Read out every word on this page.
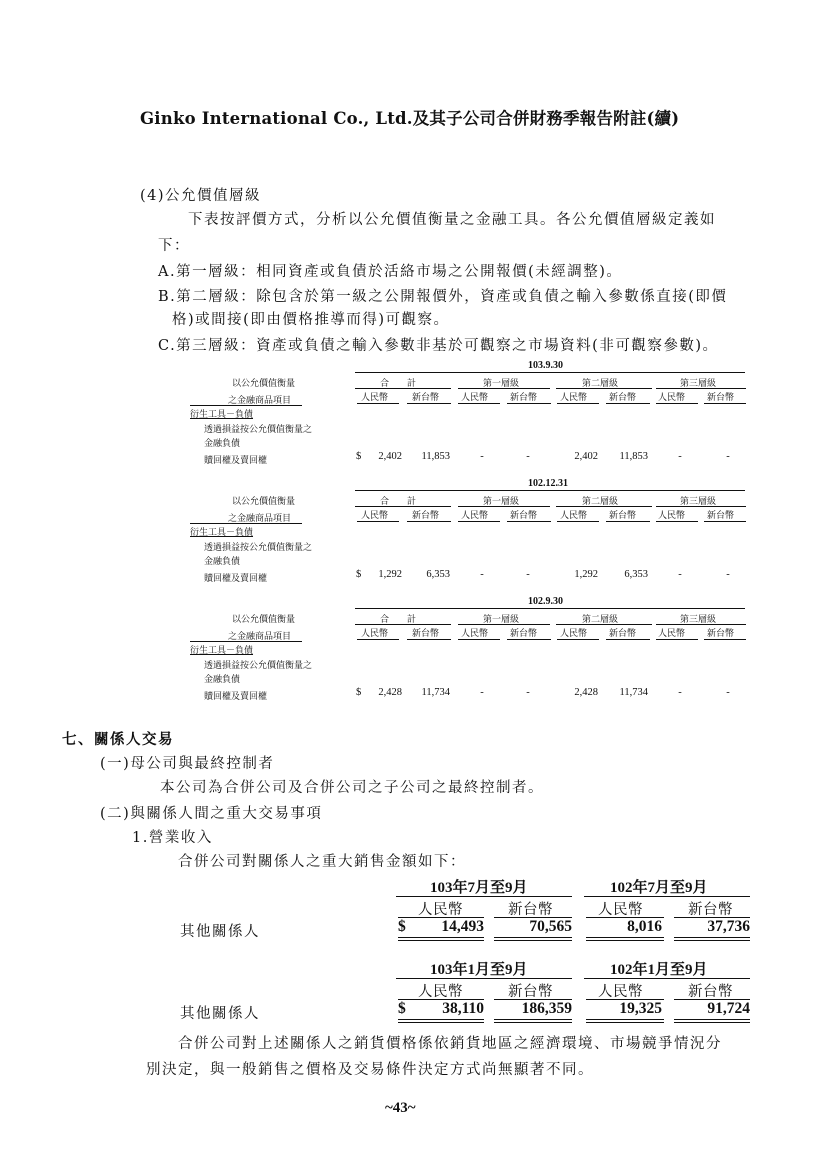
Ginko International Co., Ltd.及其子公司合併財務季報告附註(續)
(4)公允價值層級
下表按評價方式，分析以公允價值衡量之金融工具。各公允價值層級定義如
下：
A.第一層級：相同資產或負債於活絡市場之公開報價(未經調整)。
B.第二層級：除包含於第一級之公開報價外，資產或負債之輸入參數係直接(即價
格)或間接(即由價格推導而得)可觀察。
C.第三層級：資產或負債之輸入參數非基於可觀察之市場資料(非可觀察參數)。
103.9.30
以公允價值衡量
之金融商品項目
合　　計	第一層級	第二層級	第三層級
人民幣	新台幣 人民幣 新台幣	人民幣 新台幣 人民幣 新台幣
衍生工具－負債
透過損益按公允價值衡量之
金融負債
贖回權及賣回權	$	2,402	11,853	-	-	2,402	11,853	-	-
102.12.31
以公允價值衡量
之金融商品項目
合　　計	第一層級	第二層級	第三層級
人民幣	新台幣 人民幣 新台幣	人民幣 新台幣 人民幣 新台幣
衍生工具－負債
透過損益按公允價值衡量之
金融負債
贖回權及賣回權	$	1,292	6,353	-	-	1,292	6,353	-	-
102.9.30
以公允價值衡量
之金融商品項目
合　　計	第一層級	第二層級	第三層級
人民幣	新台幣 人民幣 新台幣	人民幣 新台幣 人民幣 新台幣
衍生工具－負債
透過損益按公允價值衡量之
金融負債
贖回權及賣回權	$	2,428	11,734	-	-	2,428	11,734	-	-
七、關係人交易
(一)母公司與最終控制者
本公司為合併公司及合併公司之子公司之最終控制者。
(二)與關係人間之重大交易事項
1.營業收入
合併公司對關係人之重大銷售金額如下：
103年7月至9月	102年7月至9月
人民幣	新台幣	人民幣	新台幣
其他關係人	$	14,493	70,565	8,016	37,736
103年1月至9月	102年1月至9月
人民幣	新台幣	人民幣	新台幣
其他關係人	$	38,110	186,359	19,325	91,724
合併公司對上述關係人之銷貨價格係依銷貨地區之經濟環境、市場競爭情況分
別決定，與一般銷售之價格及交易條件決定方式尚無顯著不同。
~43~
